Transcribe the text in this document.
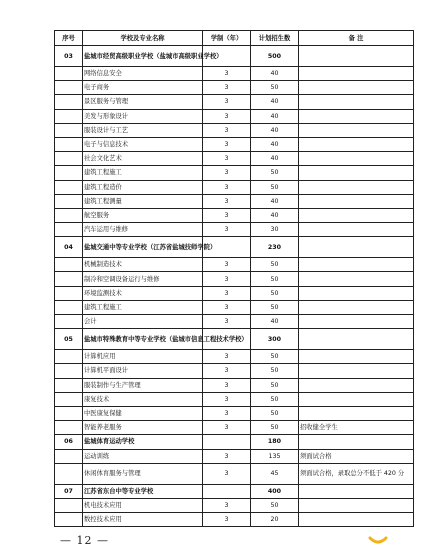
序号	学校及专业名称	学制（年）	计划招生数	备 注
03	盐城市经贸高级职业学校（盐城市高级职业学校）		500	
	网络信息安全	3	40	
	电子商务	3	50	
	景区服务与管理	3	40	
	美发与形象设计	3	40	
	服装设计与工艺	3	40	
	电子与信息技术	3	40	
	社会文化艺术	3	40	
	建筑工程施工	3	50	
	建筑工程造价	3	50	
	建筑工程测量	3	40	
	航空服务	3	40	
	汽车运用与维修	3	30	
04	盐城交通中等专业学校（江苏省盐城技师学院）		230	
	机械制造技术	3	50	
	制冷和空调设备运行与维修	3	50	
	环境监测技术	3	50	
	建筑工程施工	3	50	
	会计	3	40	
05	盐城市特殊教育中等专业学校（盐城市信息工程技术学校）		300	
	计算机应用	3	50	
	计算机平面设计	3	50	
	服装制作与生产管理	3	50	
	康复技术	3	50	
	中医康复保健	3	50	
	智能养老服务	3	50	招收健全学生
06	盐城体育运动学校		180	
	运动训练	3	135	须面试合格
	休闲体育服务与管理	3	45	须面试合格，录取总分不低于 420 分
07	江苏省东台中等专业学校		400	
	机电技术应用	3	50	
	数控技术应用	3	20	
— 12 —
